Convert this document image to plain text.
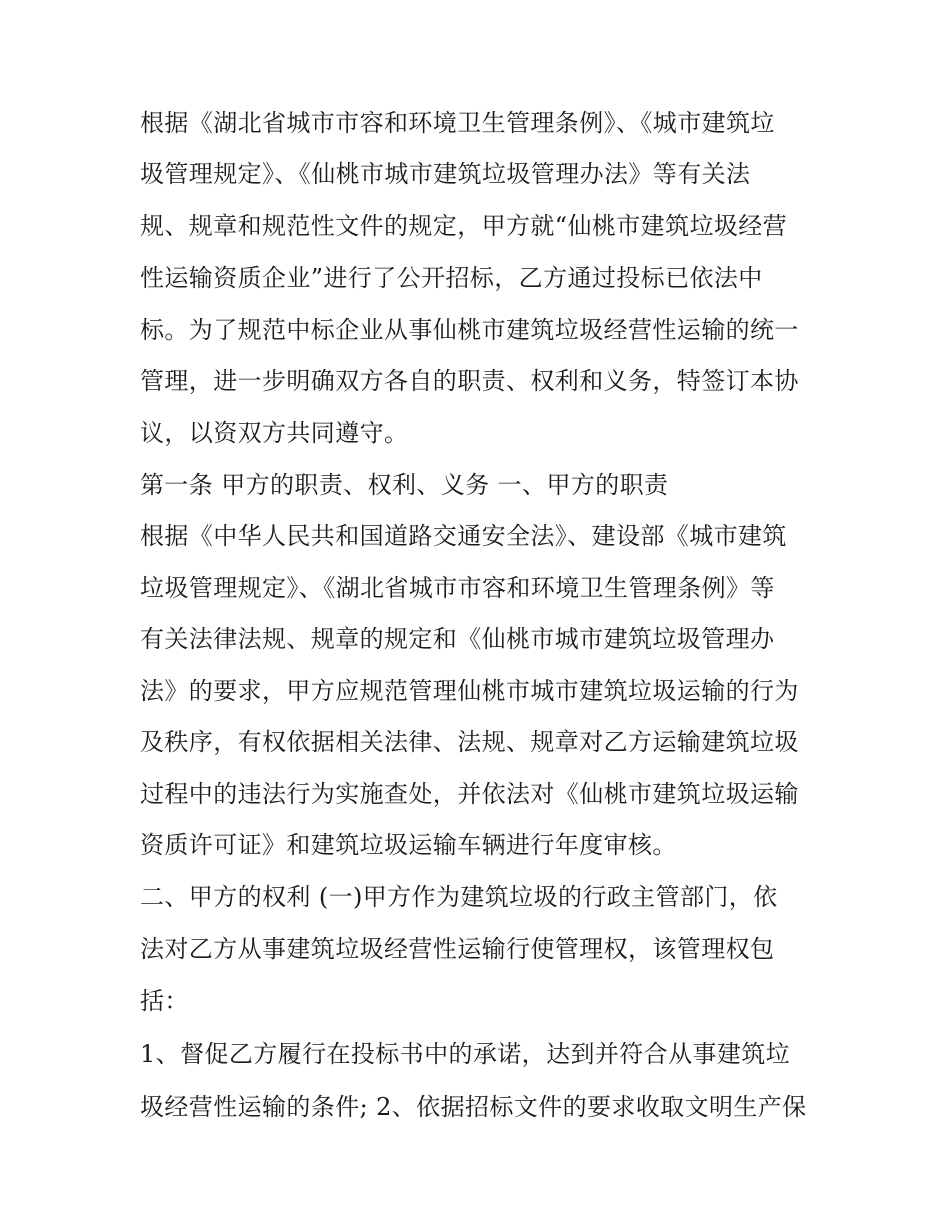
根据《湖北省城市市容和环境卫生管理条例》、《城市建筑垃
圾管理规定》、《仙桃市城市建筑垃圾管理办法》等有关法
规、规章和规范性文件的规定，甲方就“仙桃市建筑垃圾经营
性运输资质企业”进行了公开招标，乙方通过投标已依法中
标。为了规范中标企业从事仙桃市建筑垃圾经营性运输的统一
管理，进一步明确双方各自的职责、权利和义务，特签订本协
议，以资双方共同遵守。
第一条 甲方的职责、权利、义务 一、甲方的职责
根据《中华人民共和国道路交通安全法》、建设部《城市建筑
垃圾管理规定》、《湖北省城市市容和环境卫生管理条例》等
有关法律法规、规章的规定和《仙桃市城市建筑垃圾管理办
法》的要求，甲方应规范管理仙桃市城市建筑垃圾运输的行为
及秩序，有权依据相关法律、法规、规章对乙方运输建筑垃圾
过程中的违法行为实施查处，并依法对《仙桃市建筑垃圾运输
资质许可证》和建筑垃圾运输车辆进行年度审核。
二、甲方的权利 (一)甲方作为建筑垃圾的行政主管部门，依
法对乙方从事建筑垃圾经营性运输行使管理权，该管理权包
括：
1、督促乙方履行在投标书中的承诺，达到并符合从事建筑垃
圾经营性运输的条件; 2、依据招标文件的要求收取文明生产保
